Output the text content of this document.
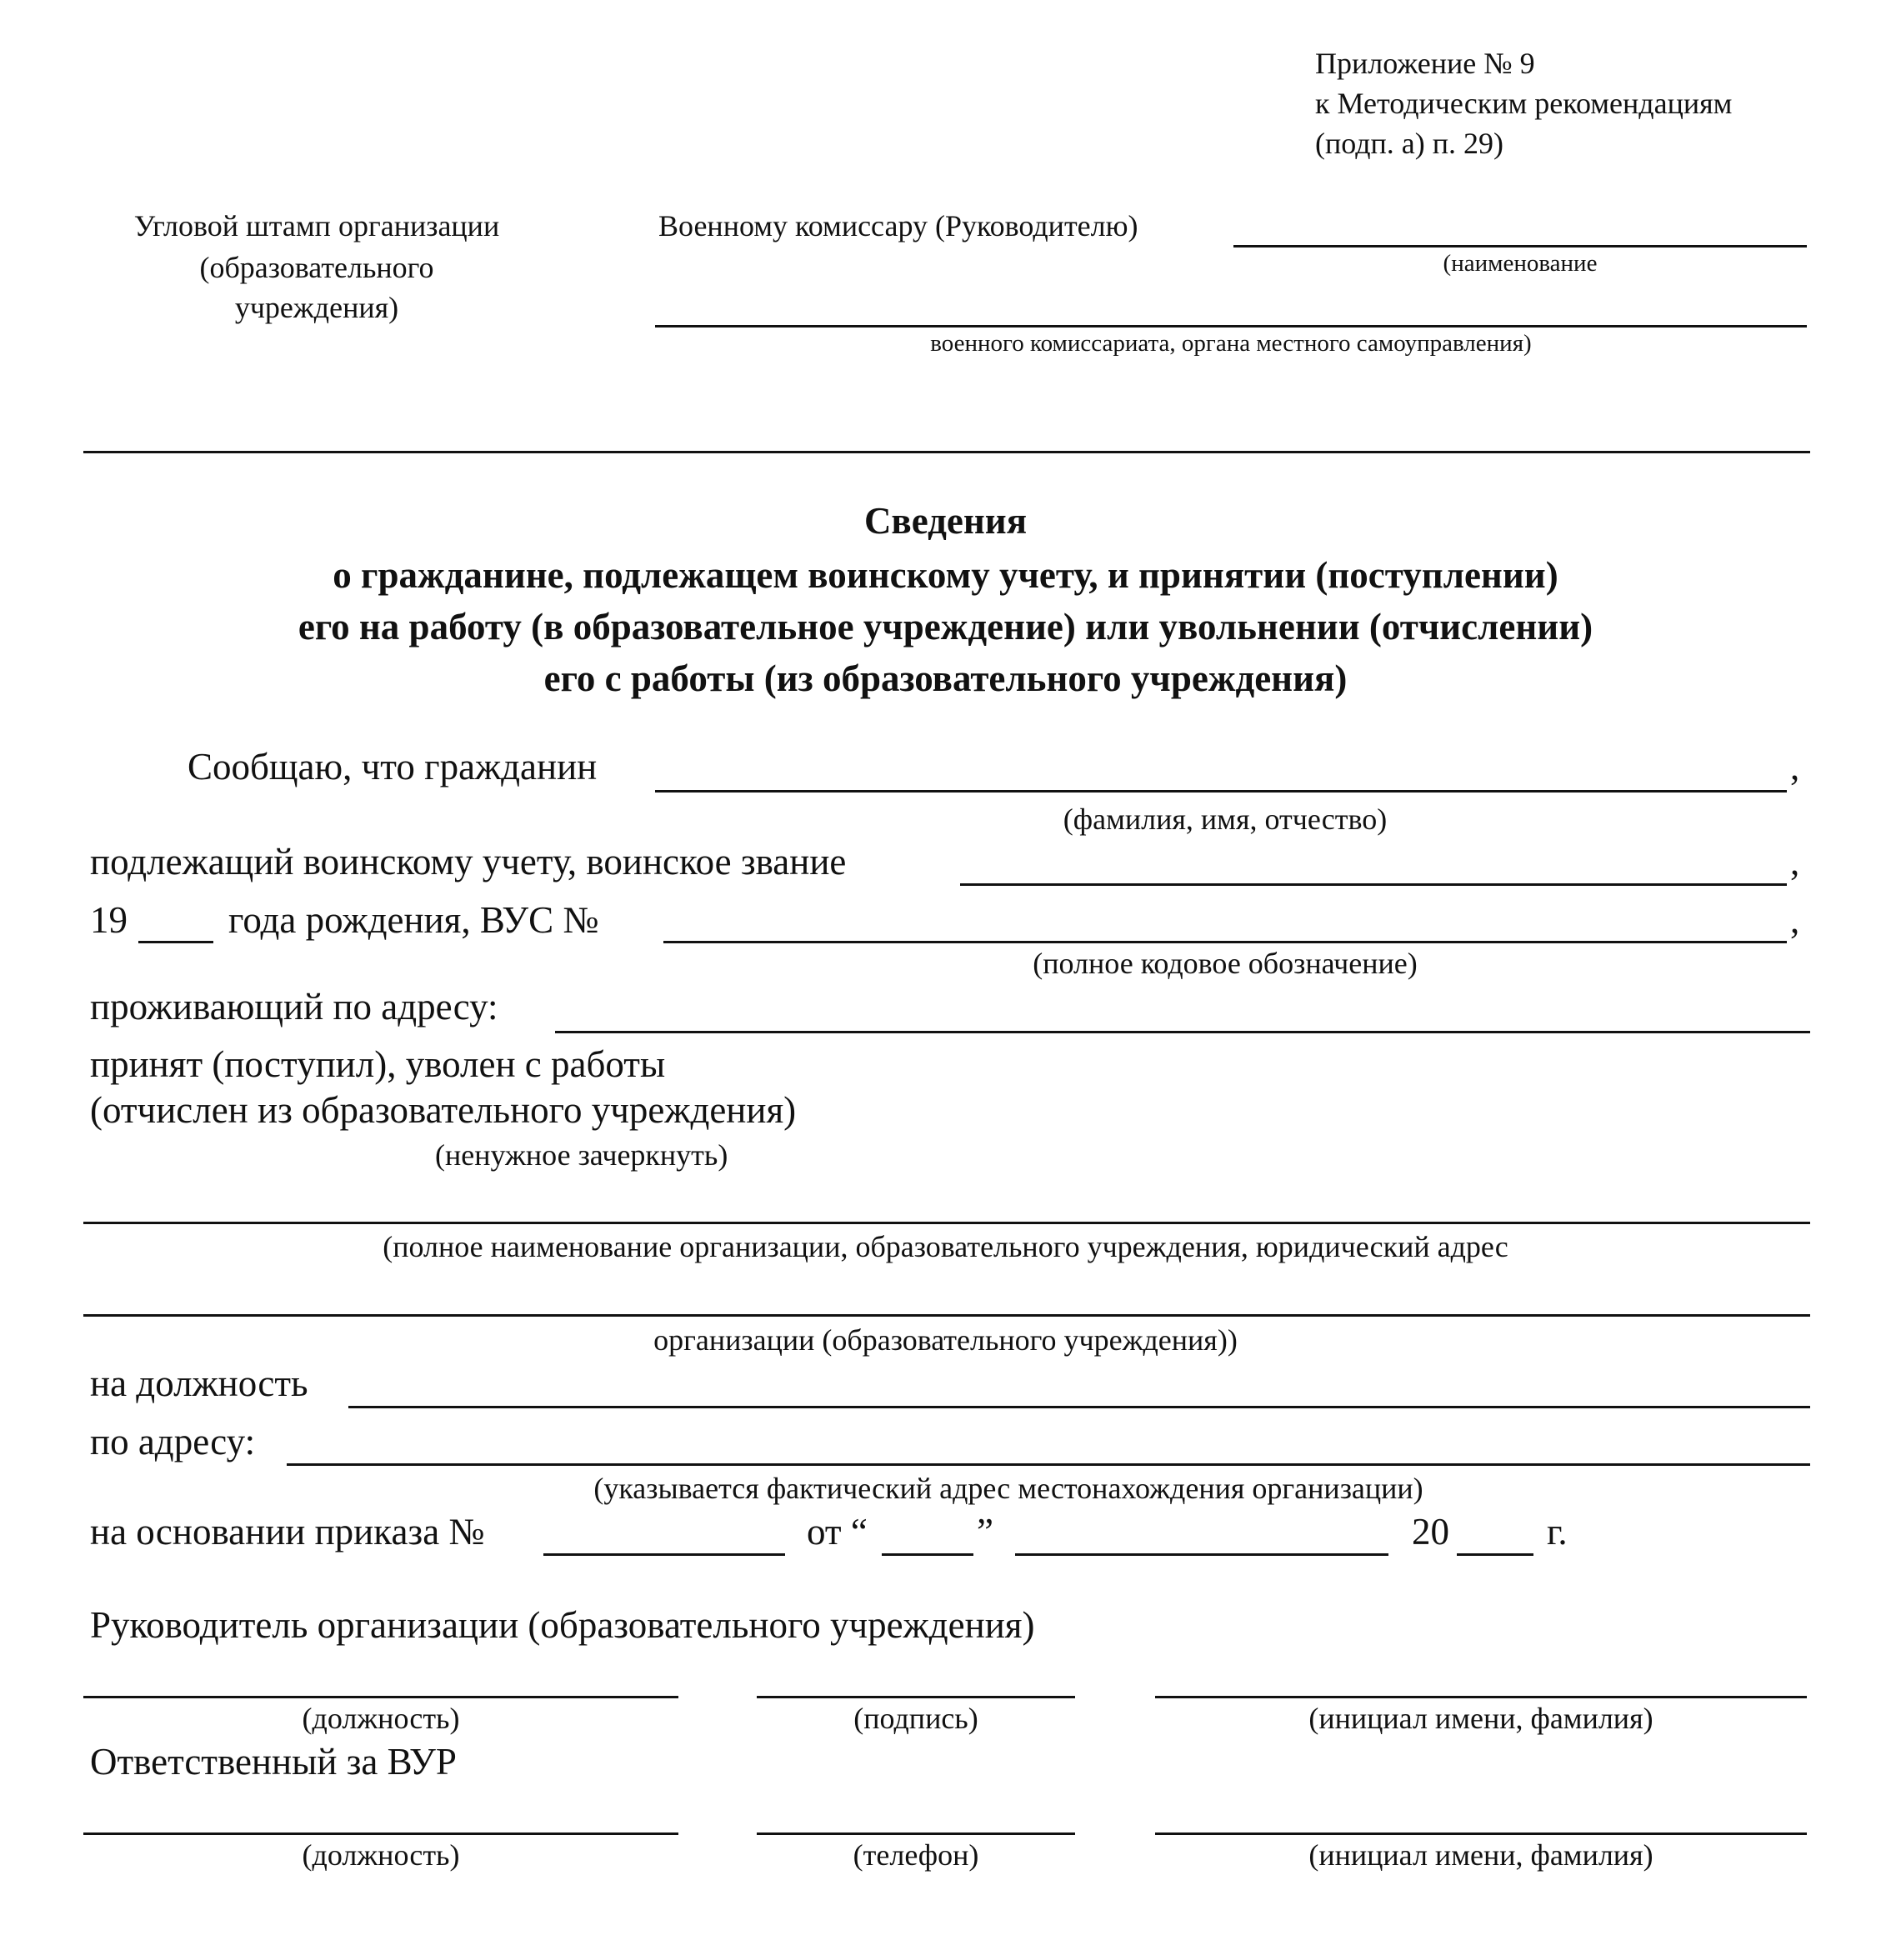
Приложение № 9
к Методическим рекомендациям
(подп. а) п. 29)
Угловой штамп организации
(образовательного
учреждения)
Военному комиссару (Руководителю)
(наименование
военного комиссариата, органа местного самоуправления)
Сведения
о гражданине, подлежащем воинскому учету, и принятии (поступлении)
его на работу (в образовательное учреждение) или увольнении (отчислении)
его с работы (из образовательного учреждения)
Сообщаю, что гражданин	,
(фамилия, имя, отчество)
подлежащий воинскому учету, воинское звание	,
19	года рождения, ВУС №	,
(полное кодовое обозначение)
проживающий по адресу:
принят (поступил), уволен с работы
(отчислен из образовательного учреждения)
(ненужное зачеркнуть)
(полное наименование организации, образовательного учреждения, юридический адрес
организации (образовательного учреждения))
на должность
по адресу:
(указывается фактический адрес местонахождения организации)
на основании приказа №	от “	”	20	г.
Руководитель организации (образовательного учреждения)
(должность)	(подпись)	(инициал имени, фамилия)
Ответственный за ВУР
(должность)	(телефон)	(инициал имени, фамилия)
